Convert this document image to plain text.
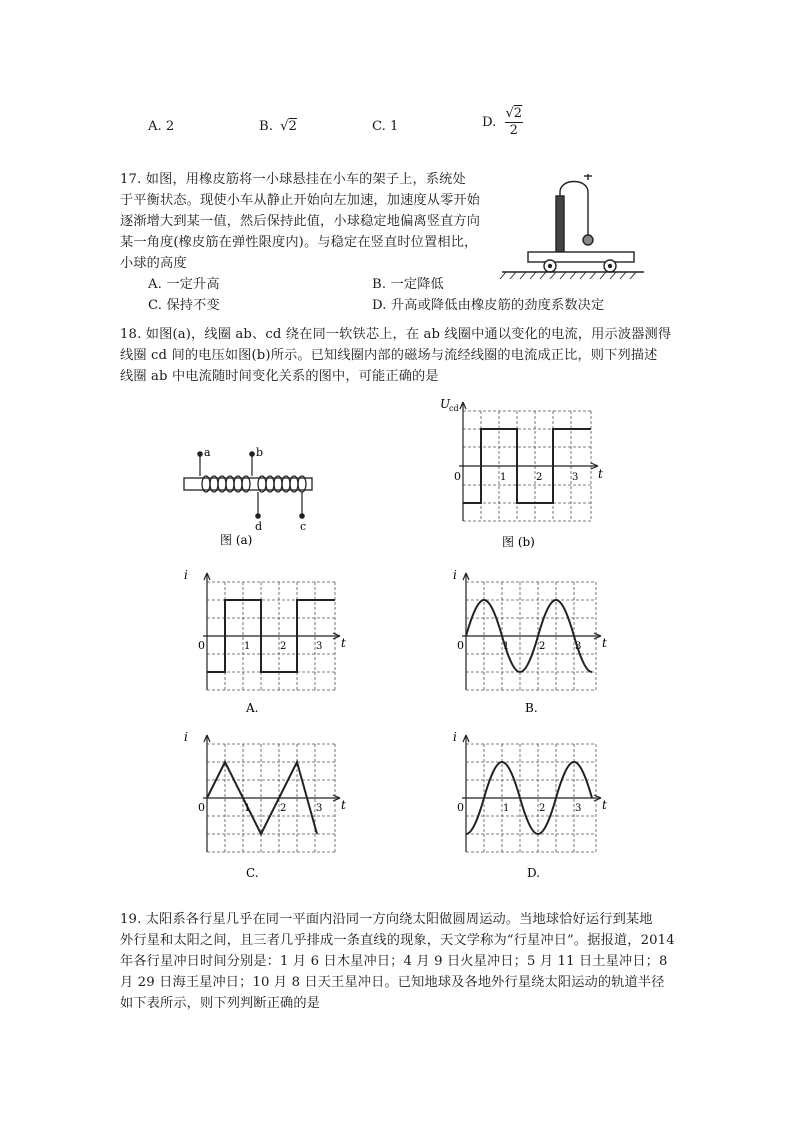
A. 2	B. √2	C. 1	D. $\frac{√2}{2}$
17. 如图，用橡皮筋将一小球悬挂在小车的架子上，系统处
于平衡状态。现使小车从静止开始向左加速，加速度从零开始
逐渐增大到某一值，然后保持此值，小球稳定地偏离竖直方向
某一角度(橡皮筋在弹性限度内)。与稳定在竖直时位置相比，
小球的高度
A. 一定升高	B. 一定降低
C. 保持不变	D. 升高或降低由橡皮筋的劲度系数决定
18. 如图(a)，线圈 ab、cd 绕在同一软铁芯上，在 ab 线圈中通以变化的电流，用示波器测得
线圈 cd 间的电压如图(b)所示。已知线圈内部的磁场与流经线圈的电流成正比，则下列描述
线圈 ab 中电流随时间变化关系的图中，可能正确的是
a	b
d	c
图 (a)
U
cd
0	1	2	3 t
图 (b)
i
0	1	2	3 t
A.
i
0	1	2	3 t
B.
i
0	1	2	3 t
C.
i
0	1	2	3 t
D.
19. 太阳系各行星几乎在同一平面内沿同一方向绕太阳做圆周运动。当地球恰好运行到某地
外行星和太阳之间，且三者几乎排成一条直线的现象，天文学称为“行星冲日”。据报道，2014
年各行星冲日时间分别是：1 月 6 日木星冲日；4 月 9 日火星冲日；5 月 11 日土星冲日；8
月 29 日海王星冲日；10 月 8 日天王星冲日。已知地球及各地外行星绕太阳运动的轨道半径
如下表所示，则下列判断正确的是
